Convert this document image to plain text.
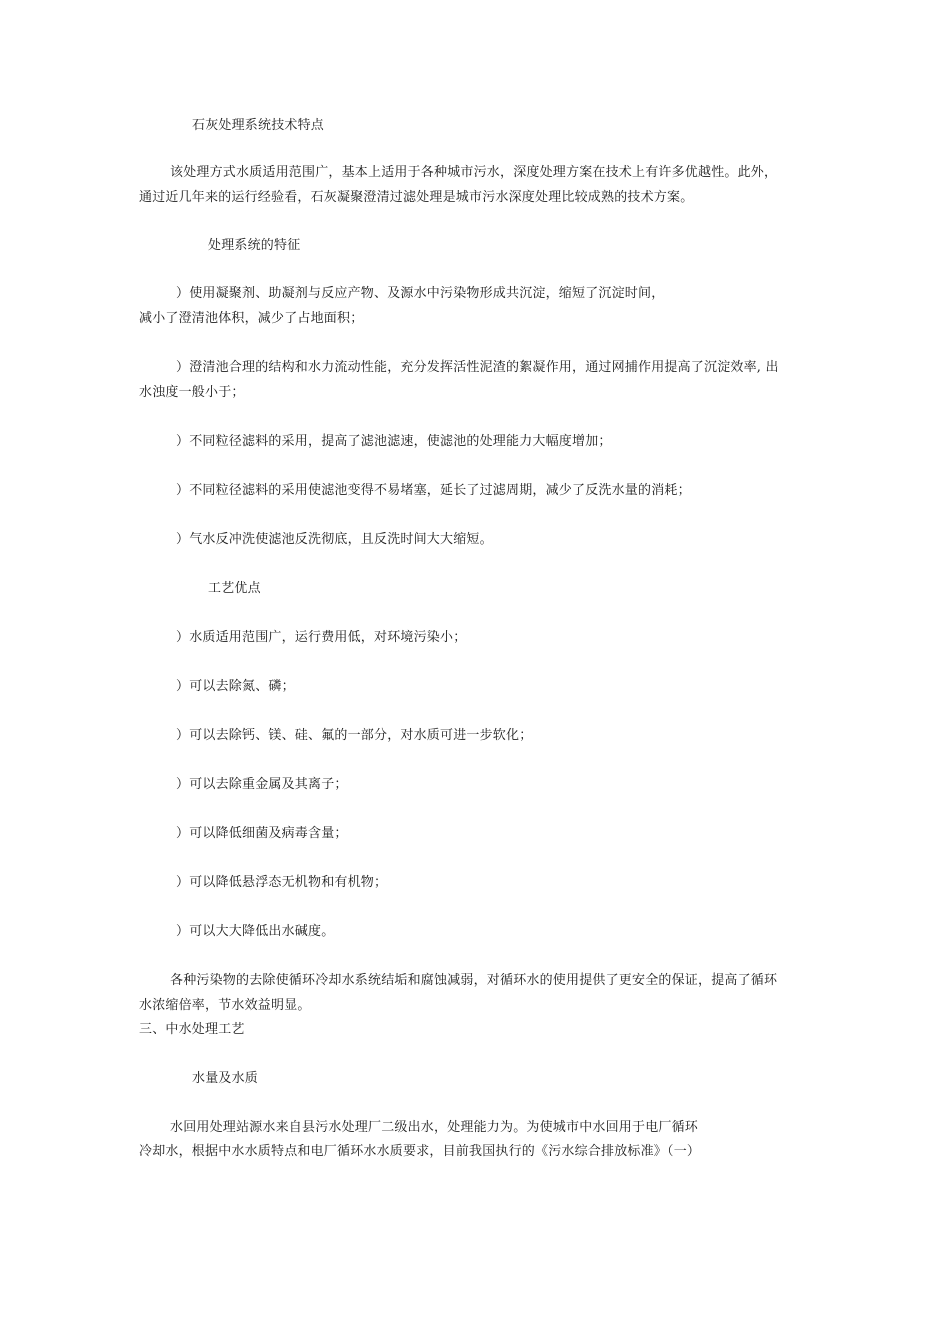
石灰处理系统技术特点
该处理方式水质适用范围广，基本上适用于各种城市污水，深度处理方案在技术上有许多优越性。此外，
通过近几年来的运行经验看，石灰凝聚澄清过滤处理是城市污水深度处理比较成熟的技术方案。
处理系统的特征
）使用凝聚剂、助凝剂与反应产物、及源水中污染物形成共沉淀，缩短了沉淀时间，
减小了澄清池体积，减少了占地面积；
）澄清池合理的结构和水力流动性能，充分发挥活性泥渣的絮凝作用，通过网捕作用提高了沉淀效率, 出
水浊度一般小于；
）不同粒径滤料的采用，提高了滤池滤速，使滤池的处理能力大幅度增加；
）不同粒径滤料的采用使滤池变得不易堵塞，延长了过滤周期，减少了反洗水量的消耗；
）气水反冲洗使滤池反洗彻底，且反洗时间大大缩短。
工艺优点
）水质适用范围广，运行费用低，对环境污染小；
）可以去除氮、磷；
）可以去除钙、镁、硅、氟的一部分，对水质可进一步软化；
）可以去除重金属及其离子；
）可以降低细菌及病毒含量；
）可以降低悬浮态无机物和有机物；
）可以大大降低出水碱度。
各种污染物的去除使循环冷却水系统结垢和腐蚀减弱，对循环水的使用提供了更安全的保证，提高了循环
水浓缩倍率，节水效益明显。
三、中水处理工艺
水量及水质
水回用处理站源水来自县污水处理厂二级出水，处理能力为。为使城市中水回用于电厂循环
冷却水，根据中水水质特点和电厂循环水水质要求，目前我国执行的《污水综合排放标准》（一）
